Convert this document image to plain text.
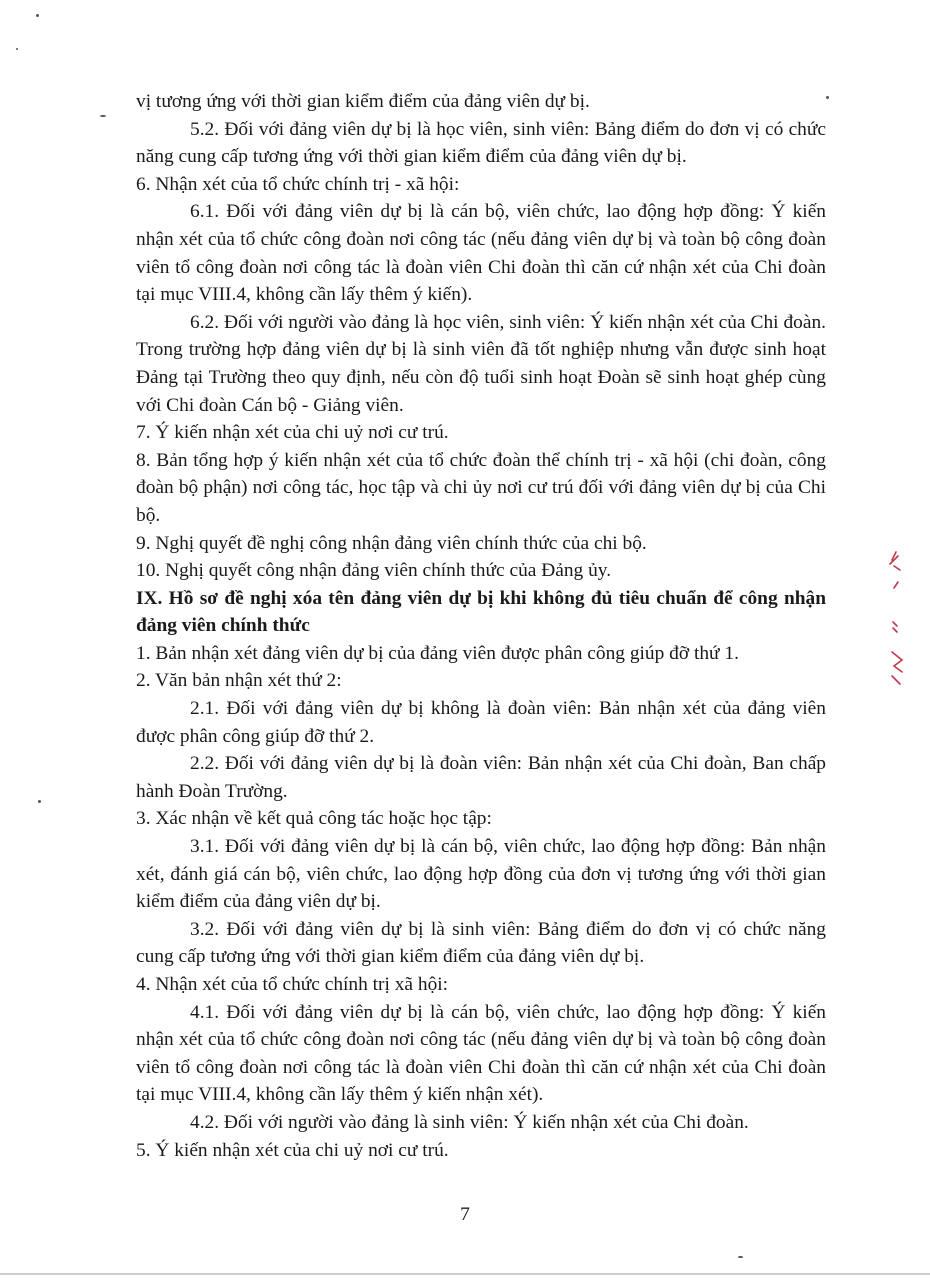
vị tương ứng với thời gian kiểm điểm của đảng viên dự bị.

5.2. Đối với đảng viên dự bị là học viên, sinh viên: Bảng điểm do đơn vị có chức năng cung cấp tương ứng với thời gian kiểm điểm của đảng viên dự bị.

6. Nhận xét của tổ chức chính trị - xã hội:

6.1. Đối với đảng viên dự bị là cán bộ, viên chức, lao động hợp đồng: Ý kiến nhận xét của tổ chức công đoàn nơi công tác (nếu đảng viên dự bị và toàn bộ công đoàn viên tổ công đoàn nơi công tác là đoàn viên Chi đoàn thì căn cứ nhận xét của Chi đoàn tại mục VIII.4, không cần lấy thêm ý kiến).

6.2. Đối với người vào đảng là học viên, sinh viên: Ý kiến nhận xét của Chi đoàn. Trong trường hợp đảng viên dự bị là sinh viên đã tốt nghiệp nhưng vẫn được sinh hoạt Đảng tại Trường theo quy định, nếu còn độ tuổi sinh hoạt Đoàn sẽ sinh hoạt ghép cùng với Chi đoàn Cán bộ - Giảng viên.

7. Ý kiến nhận xét của chi uỷ nơi cư trú.

8. Bản tổng hợp ý kiến nhận xét của tổ chức đoàn thể chính trị - xã hội (chi đoàn, công đoàn bộ phận) nơi công tác, học tập và chi ủy nơi cư trú đối với đảng viên dự bị của Chi bộ.

9. Nghị quyết đề nghị công nhận đảng viên chính thức của chi bộ.

10. Nghị quyết công nhận đảng viên chính thức của Đảng ủy.

IX. Hồ sơ đề nghị xóa tên đảng viên dự bị khi không đủ tiêu chuẩn để công nhận đảng viên chính thức

1. Bản nhận xét đảng viên dự bị của đảng viên được phân công giúp đỡ thứ 1.

2. Văn bản nhận xét thứ 2:

2.1. Đối với đảng viên dự bị không là đoàn viên: Bản nhận xét của đảng viên được phân công giúp đỡ thứ 2.

2.2. Đối với đảng viên dự bị là đoàn viên: Bản nhận xét của Chi đoàn, Ban chấp hành Đoàn Trường.

3. Xác nhận về kết quả công tác hoặc học tập:

3.1. Đối với đảng viên dự bị là cán bộ, viên chức, lao động hợp đồng: Bản nhận xét, đánh giá cán bộ, viên chức, lao động hợp đồng của đơn vị tương ứng với thời gian kiểm điểm của đảng viên dự bị.

3.2. Đối với đảng viên dự bị là sinh viên: Bảng điểm do đơn vị có chức năng cung cấp tương ứng với thời gian kiểm điểm của đảng viên dự bị.

4. Nhận xét của tổ chức chính trị xã hội:

4.1. Đối với đảng viên dự bị là cán bộ, viên chức, lao động hợp đồng: Ý kiến nhận xét của tổ chức công đoàn nơi công tác (nếu đảng viên dự bị và toàn bộ công đoàn viên tổ công đoàn nơi công tác là đoàn viên Chi đoàn thì căn cứ nhận xét của Chi đoàn tại mục VIII.4, không cần lấy thêm ý kiến nhận xét).

4.2. Đối với người vào đảng là sinh viên: Ý kiến nhận xét của Chi đoàn.

5. Ý kiến nhận xét của chi uỷ nơi cư trú.

7
